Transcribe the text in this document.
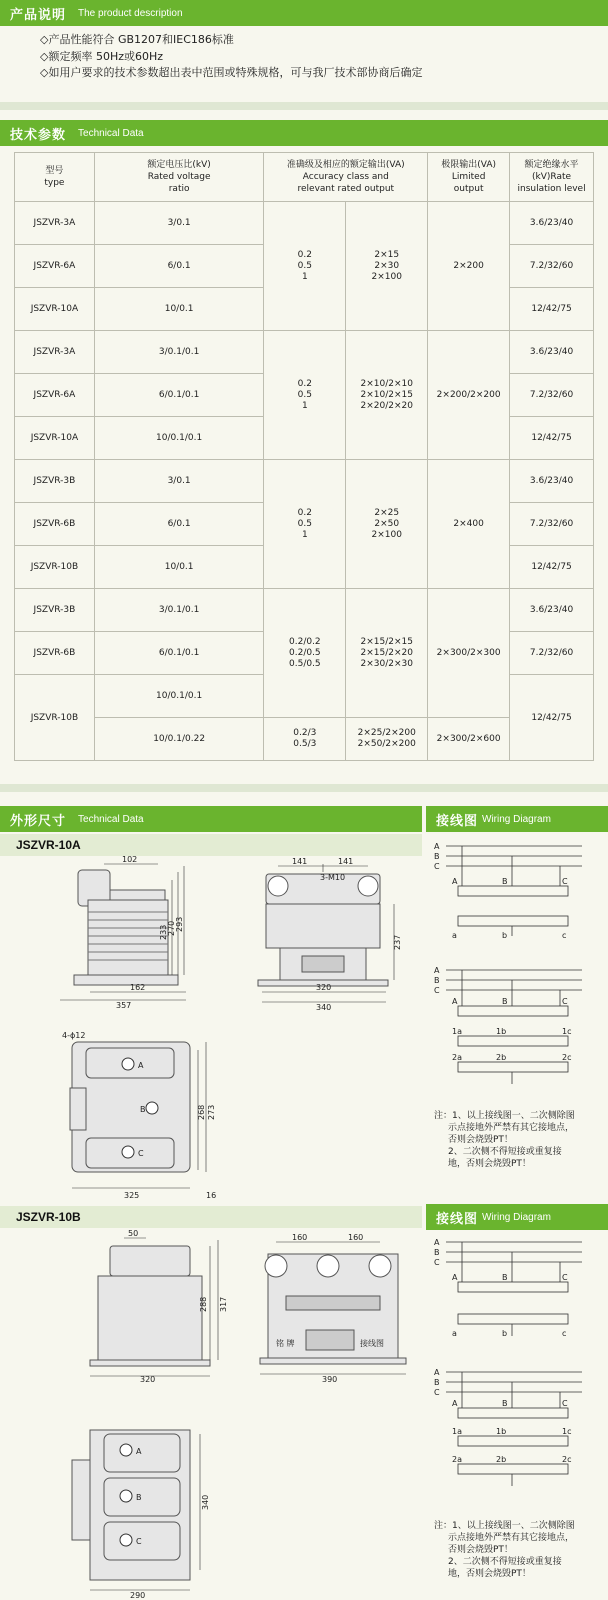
产品说明 The product description
◇ 产品性能符合 GB1207和IEC186标准
◇ 额定频率 50Hz或60Hz
◇ 如用户要求的技术参数超出表中范围或特殊规格，可与我厂技术部协商后确定
技术参数 Technical Data
型号
type	额定电压比(kV)
Rated voltage
ratio	准确级及相应的额定输出(VA)
Accuracy class and
relevant rated output		极限输出(VA)
Limited
output	额定绝缘水平
(kV)Rate
insulation level
JSZVR-3A	3/0.1	0.2
0.5
1	2×15
2×30
2×100	2×200	3.6/23/40
JSZVR-6A	6/0.1				7.2/32/60
JSZVR-10A	10/0.1				12/42/75
JSZVR-3A	3/0.1/0.1	0.2
0.5
1	2×10/2×10
2×10/2×15
2×20/2×20	2×200/2×200	3.6/23/40
JSZVR-6A	6/0.1/0.1				7.2/32/60
JSZVR-10A	10/0.1/0.1				12/42/75
JSZVR-3B	3/0.1	0.2
0.5
1	2×25
2×50
2×100	2×400	3.6/23/40
JSZVR-6B	6/0.1				7.2/32/60
JSZVR-10B	10/0.1				12/42/75
JSZVR-3B	3/0.1/0.1	0.2/0.2
0.2/0.5
0.5/0.5	2×15/2×15
2×15/2×20
2×30/2×30	2×300/2×300	3.6/23/40
JSZVR-6B	6/0.1/0.1				7.2/32/60
JSZVR-10B	10/0.1/0.1				12/42/75
	10/0.1/0.22	0.2/3
0.5/3	2×25/2×200
2×50/2×200	2×300/2×600	
外形尺寸 Technical Data	接线图 Wiring Diagram
JSZVR-10A
JSZVR-10B	接线图 Wiring Diagram
102
162
357
233 270 293
141	141
3-M10
320
340
237
4-ϕ12
A
B
C
325	16
268 273
A
B
C
A	B	C
a	b	c
A
B
C
A	B	C
1a	1b	1c
2a	2b	2c
注：1、以上接线图一、二次侧除图
示点接地外严禁有其它接地点，
否则会烧毁PT！
2、二次侧不得短接或重复接
地，否则会烧毁PT！
50
320
288 317
160	160
铭 牌	接线图
390
A
B
C
290
340
A
B
C
A	B	C
a	b	c
A
B
C
A	B	C
1a	1b	1c
2a	2b	2c
注：1、以上接线图一、二次侧除图
示点接地外严禁有其它接地点，
否则会烧毁PT！
2、二次侧不得短接或重复接
地，否则会烧毁PT！
